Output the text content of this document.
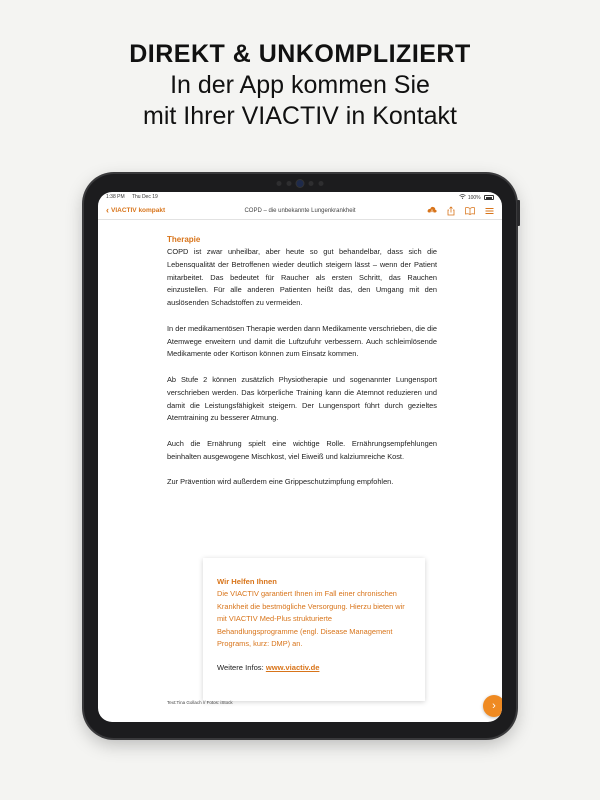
DIREKT & UNKOMPLIZIERT
In der App kommen Sie
mit Ihrer VIACTIV in Kontakt
1:38 PM Thu Dec 19	100%
‹ VIACTIV kompakt	COPD – die unbekannte Lungenkrankheit
Therapie

COPD ist zwar unheilbar, aber heute so gut behandelbar, dass sich die Lebensqualität der Betroffenen wieder deutlich steigern lässt – wenn der Patient mitarbeitet. Das bedeutet für Raucher als ersten Schritt, das Rauchen einzustellen. Für alle anderen Patienten heißt das, den Umgang mit den auslösenden Schadstoffen zu vermeiden.

In der medikamentösen Therapie werden dann Medikamente verschrieben, die die Atemwege erweitern und damit die Luftzufuhr verbessern. Auch schleimlösende Medikamente oder Kortison können zum Einsatz kommen.

Ab Stufe 2 können zusätzlich Physiotherapie und sogenannter Lungensport verschrieben werden. Das körperliche Training kann die Atemnot reduzieren und damit die Leistungsfähigkeit steigern. Der Lungensport führt durch gezieltes Atemtraining zu besserer Atmung.

Auch die Ernährung spielt eine wichtige Rolle. Ernährungsempfehlungen beinhalten ausgewogene Mischkost, viel Eiweiß und kalziumreiche Kost.

Zur Prävention wird außerdem eine Grippeschutzimpfung empfohlen.

Wir Helfen Ihnen

Die VIACTIV garantiert Ihnen im Fall einer chronischen Krankheit die bestmögliche Versorgung. Hierzu bieten wir mit VIACTIV Med-Plus strukturierte Behandlungsprogramme (engl. Disease Management Programs, kurz: DMP) an.

Weitere Infos: www.viactiv.de
Text:Tina Gollach // Fotos: iStock	›
